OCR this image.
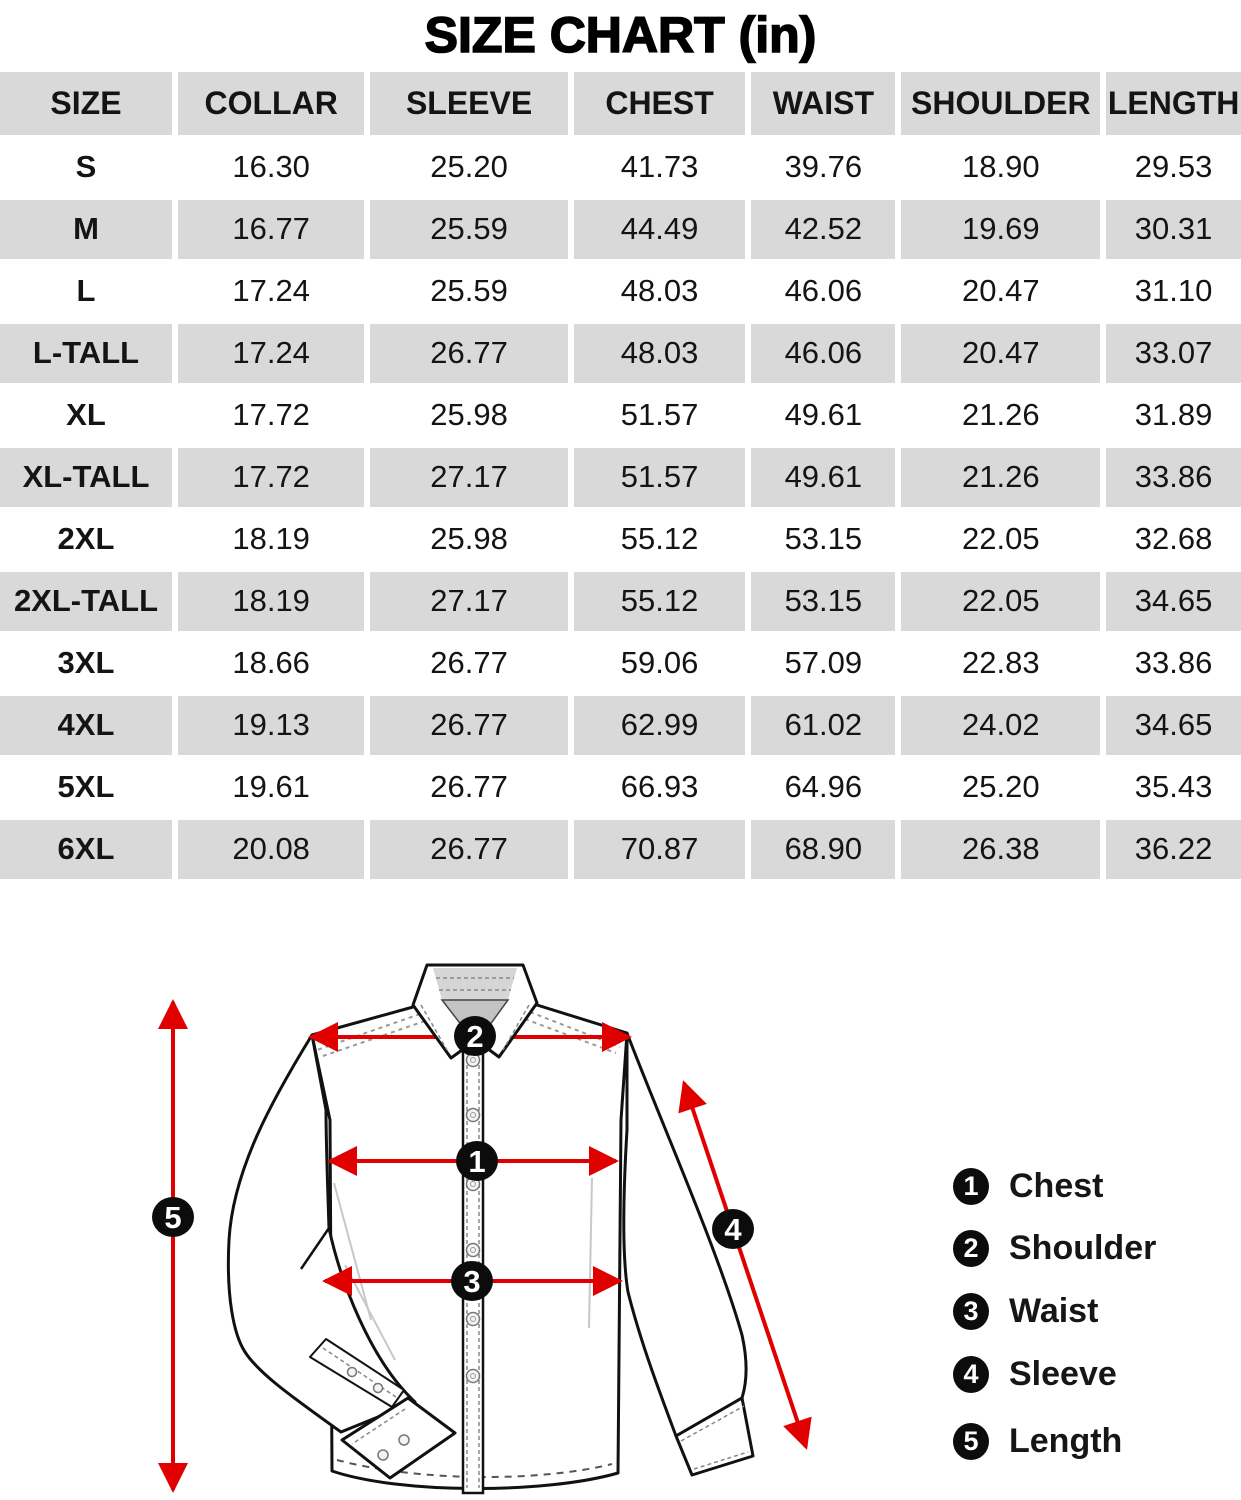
SIZE CHART (in)
SIZE	COLLAR	SLEEVE	CHEST	WAIST	SHOULDER	LENGTH
S	16.30	25.20	41.73	39.76	18.90	29.53
M	16.77	25.59	44.49	42.52	19.69	30.31
L	17.24	25.59	48.03	46.06	20.47	31.10
L-TALL	17.24	26.77	48.03	46.06	20.47	33.07
XL	17.72	25.98	51.57	49.61	21.26	31.89
XL-TALL	17.72	27.17	51.57	49.61	21.26	33.86
2XL	18.19	25.98	55.12	53.15	22.05	32.68
2XL-TALL	18.19	27.17	55.12	53.15	22.05	34.65
3XL	18.66	26.77	59.06	57.09	22.83	33.86
4XL	19.13	26.77	62.99	61.02	24.02	34.65
5XL	19.61	26.77	66.93	64.96	25.20	35.43
6XL	20.08	26.77	70.87	68.90	26.38	36.22
1
2
3
4
5
1 Chest
2 Shoulder
3 Waist
4 Sleeve
5 Length
